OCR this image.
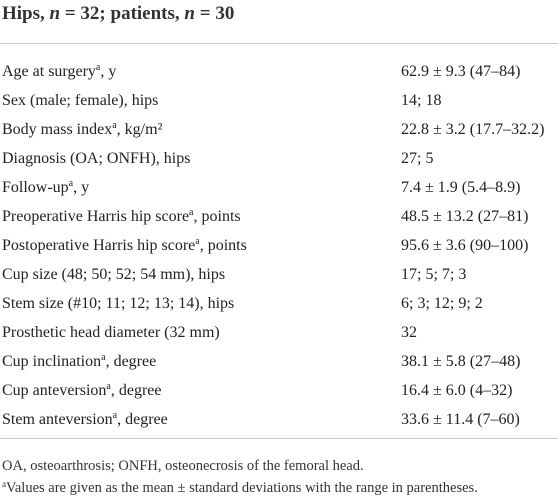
Hips, n = 32; patients, n = 30
Age at surgery$^a$, y	62.9 ± 9.3 (47–84)
Sex (male; female), hips	14; 18
Body mass index$^a$, kg/m²	22.8 ± 3.2 (17.7–32.2)
Diagnosis (OA; ONFH), hips	27; 5
Follow-$up^a$, y	7.4 ± 1.9 (5.4–8.9)
Preoperative Harris hip score$^a$, points	48.5 ± 13.2 (27–81)
Postoperative Harris hip score$^a$, points	95.6 ± 3.6 (90–100)
Cup size (48; 50; 52; 54 mm), hips	17; 5; 7; 3
Stem size (#10; 11; 12; 13; 14), hips	6; 3; 12; 9; 2
Prosthetic head diameter (32 mm)	32
Cup inclination$^a$, degree	38.1 ± 5.8 (27–48)
Cup anteversion$^a$, degree	16.4 ± 6.0 (4–32)
Stem anteversion$^a$, degree	33.6 ± 11.4 (7–60)
OA, osteoarthrosis; ONFH, osteonecrosis of the femoral head.
$^a$Values are given as the mean ± standard deviations with the range in parentheses.
